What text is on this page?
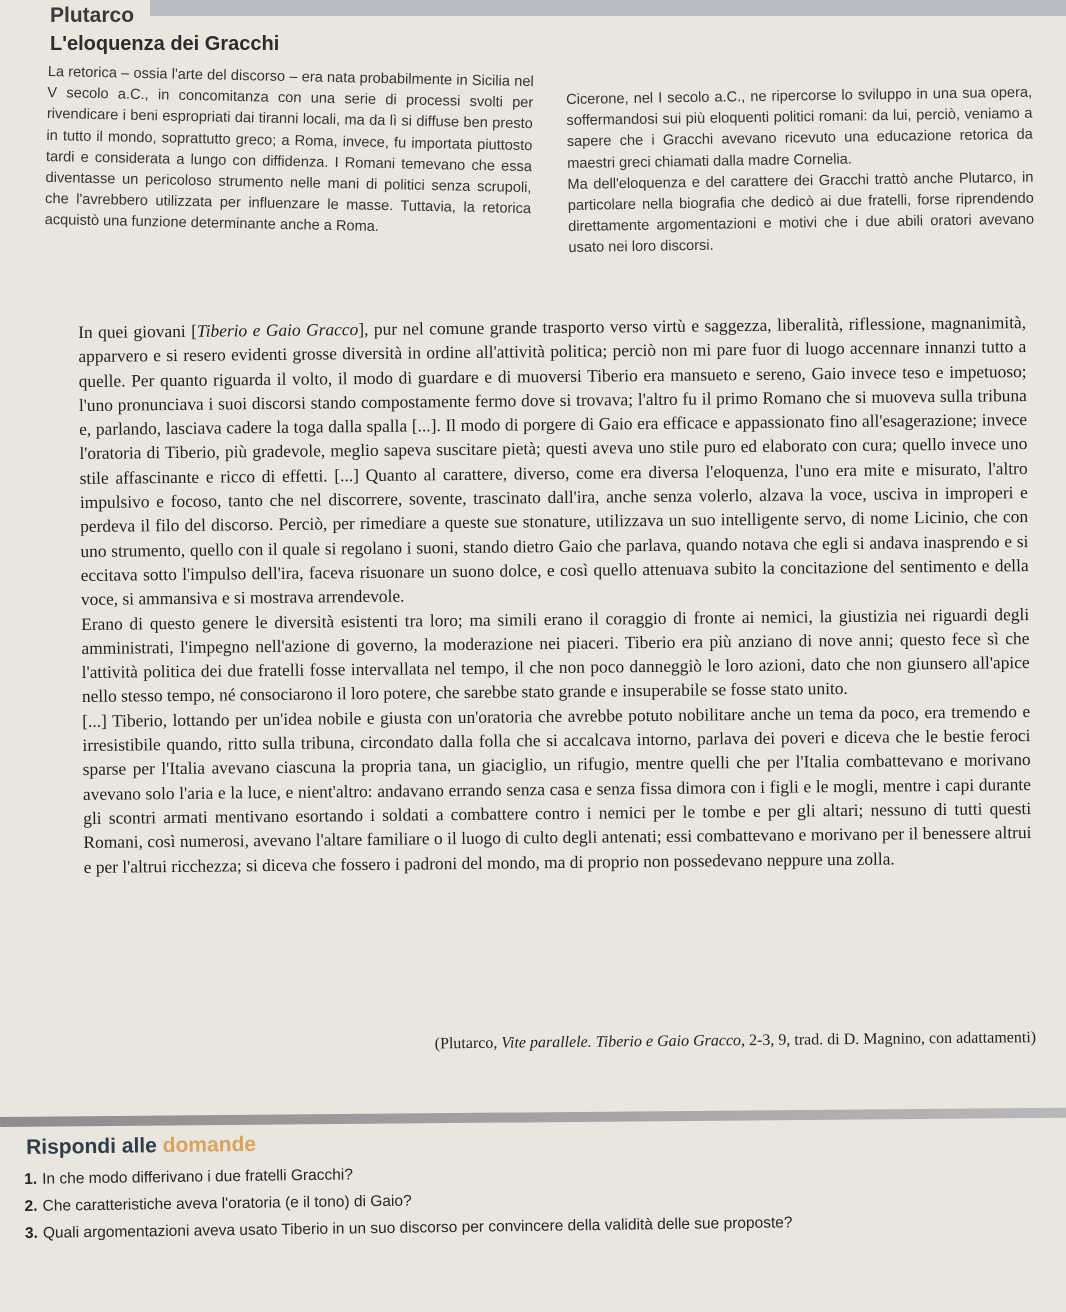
Plutarco
L'eloquenza dei Gracchi

La retorica – ossia l'arte del discorso – era nata probabilmente in Sicilia nel V secolo a.C., in concomitanza con una serie di processi svolti per rivendicare i beni espropriati dai tiranni locali, ma da lì si diffuse ben presto in tutto il mondo, soprattutto greco; a Roma, invece, fu importata piuttosto tardi e considerata a lungo con diffidenza. I Romani temevano che essa diventasse un pericoloso strumento nelle mani di politici senza scrupoli, che l'avrebbero utilizzata per influenzare le masse. Tuttavia, la retorica acquistò una funzione determinante anche a Roma.

Cicerone, nel I secolo a.C., ne ripercorse lo sviluppo in una sua opera, soffermandosi sui più eloquenti politici romani: da lui, perciò, veniamo a sapere che i Gracchi avevano ricevuto una educazione retorica da maestri greci chiamati dalla madre Cornelia.

Ma dell'eloquenza e del carattere dei Gracchi trattò anche Plutarco, in particolare nella biografia che dedicò ai due fratelli, forse riprendendo direttamente argomentazioni e motivi che i due abili oratori avevano usato nei loro discorsi.

In quei giovani [Tiberio e Gaio Gracco], pur nel comune grande trasporto verso virtù e saggezza, liberalità, riflessione, magnanimità, apparvero e si resero evidenti grosse diversità in ordine all'attività politica; perciò non mi pare fuor di luogo accennare innanzi tutto a quelle. Per quanto riguarda il volto, il modo di guardare e di muoversi Tiberio era mansueto e sereno, Gaio invece teso e impetuoso; l'uno pronunciava i suoi discorsi stando compostamente fermo dove si trovava; l'altro fu il primo Romano che si muoveva sulla tribuna e, parlando, lasciava cadere la toga dalla spalla [...]. Il modo di porgere di Gaio era efficace e appassionato fino all'esagerazione; invece l'oratoria di Tiberio, più gradevole, meglio sapeva suscitare pietà; questi aveva uno stile puro ed elaborato con cura; quello invece uno stile affascinante e ricco di effetti. [...] Quanto al carattere, diverso, come era diversa l'eloquenza, l'uno era mite e misurato, l'altro impulsivo e focoso, tanto che nel discorrere, sovente, trascinato dall'ira, anche senza volerlo, alzava la voce, usciva in improperi e perdeva il filo del discorso. Perciò, per rimediare a queste sue stonature, utilizzava un suo intelligente servo, di nome Licinio, che con uno strumento, quello con il quale si regolano i suoni, stando dietro Gaio che parlava, quando notava che egli si andava inasprendo e si eccitava sotto l'impulso dell'ira, faceva risuonare un suono dolce, e così quello attenuava subito la concitazione del sentimento e della voce, si ammansiva e si mostrava arrendevole.

Erano di questo genere le diversità esistenti tra loro; ma simili erano il coraggio di fronte ai nemici, la giustizia nei riguardi degli amministrati, l'impegno nell'azione di governo, la moderazione nei piaceri. Tiberio era più anziano di nove anni; questo fece sì che l'attività politica dei due fratelli fosse intervallata nel tempo, il che non poco danneggiò le loro azioni, dato che non giunsero all'apice nello stesso tempo, né consociarono il loro potere, che sarebbe stato grande e insuperabile se fosse stato unito.

[...] Tiberio, lottando per un'idea nobile e giusta con un'oratoria che avrebbe potuto nobilitare anche un tema da poco, era tremendo e irresistibile quando, ritto sulla tribuna, circondato dalla folla che si accalcava intorno, parlava dei poveri e diceva che le bestie feroci sparse per l'Italia avevano ciascuna la propria tana, un giaciglio, un rifugio, mentre quelli che per l'Italia combattevano e morivano avevano solo l'aria e la luce, e nient'altro: andavano errando senza casa e senza fissa dimora con i figli e le mogli, mentre i capi durante gli scontri armati mentivano esortando i soldati a combattere contro i nemici per le tombe e per gli altari; nessuno di tutti questi Romani, così numerosi, avevano l'altare familiare o il luogo di culto degli antenati; essi combattevano e morivano per il benessere altrui e per l'altrui ricchezza; si diceva che fossero i padroni del mondo, ma di proprio non possedevano neppure una zolla.

(Plutarco, Vite parallele. Tiberio e Gaio Gracco, 2-3, 9, trad. di D. Magnino, con adattamenti)
Rispondi alle domande
1. In che modo differivano i due fratelli Gracchi?
2. Che caratteristiche aveva l'oratoria (e il tono) di Gaio?
3. Quali argomentazioni aveva usato Tiberio in un suo discorso per convincere della validità delle sue proposte?
